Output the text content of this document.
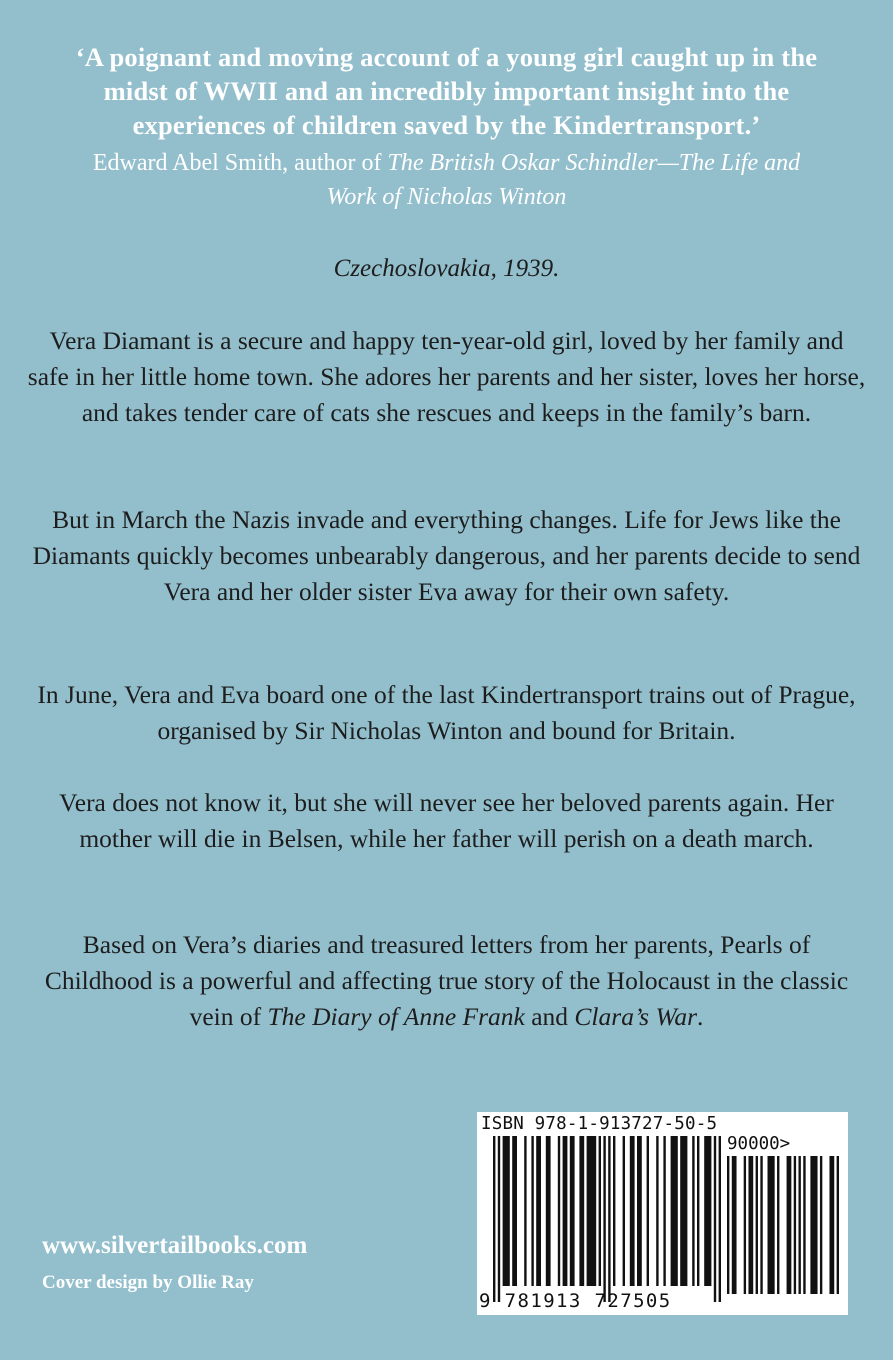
‘A poignant and moving account of a young girl caught up in the
midst of WWII and an incredibly important insight into the
experiences of children saved by the Kindertransport.’
Edward Abel Smith, author of The British Oskar Schindler—The Life and
Work of Nicholas Winton
Czechoslovakia, 1939.
Vera Diamant is a secure and happy ten-year-old girl, loved by her family and safe in her little home town. She adores her parents and her sister, loves her horse, and takes tender care of cats she rescues and keeps in the family’s barn.
But in March the Nazis invade and everything changes. Life for Jews like the Diamants quickly becomes unbearably dangerous, and her parents decide to send Vera and her older sister Eva away for their own safety.
In June, Vera and Eva board one of the last Kindertransport trains out of Prague, organised by Sir Nicholas Winton and bound for Britain.
Vera does not know it, but she will never see her beloved parents again. Her mother will die in Belsen, while her father will perish on a death march.
Based on Vera’s diaries and treasured letters from her parents, Pearls of Childhood is a powerful and affecting true story of the Holocaust in the classic vein of The Diary of Anne Frank and Clara’s War.
www.silvertailbooks.com
Cover design by Ollie Ray
ISBN 978-1-913727-50-5
90000>
9 781913 727505
